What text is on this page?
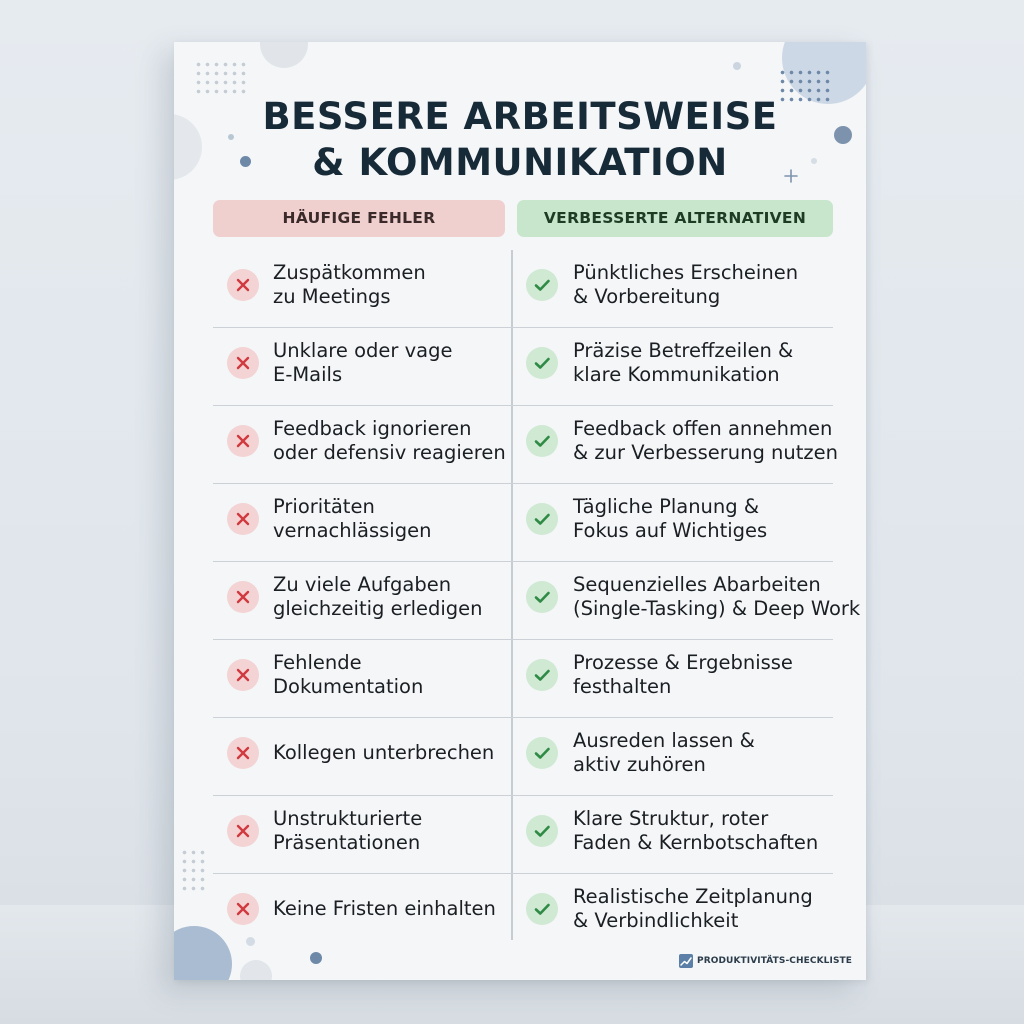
BESSERE ARBEITSWEISE
& KOMMUNIKATION
HÄUFIGE FEHLER	VERBESSERTE ALTERNATIVEN
Zuspätkommen
zu Meetings
Pünktliches Erscheinen
& Vorbereitung
Unklare oder vage
E-Mails
Präzise Betreffzeilen &
klare Kommunikation
Feedback ignorieren
oder defensiv reagieren
Feedback offen annehmen
& zur Verbesserung nutzen
Prioritäten
vernachlässigen
Tägliche Planung &
Fokus auf Wichtiges
Zu viele Aufgaben
gleichzeitig erledigen
Sequenzielles Abarbeiten
(Single-Tasking) & Deep Work
Fehlende
Dokumentation
Prozesse & Ergebnisse
festhalten
Kollegen unterbrechen
Ausreden lassen &
aktiv zuhören
Unstrukturierte
Präsentationen
Klare Struktur, roter
Faden & Kernbotschaften
Keine Fristen einhalten
Realistische Zeitplanung
& Verbindlichkeit
PRODUKTIVITÄTS-CHECKLISTE
